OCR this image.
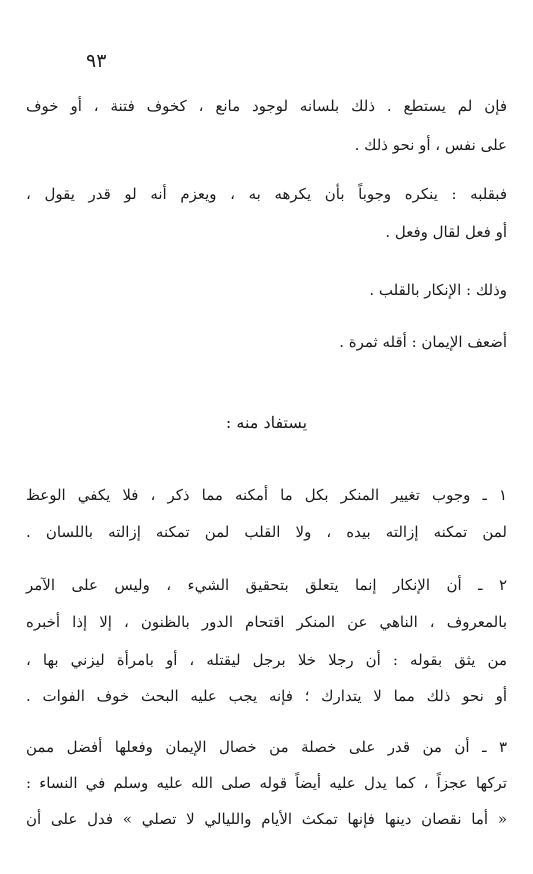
٩٣
فإن لم يستطع . ذلك بلسانه لوجود مانع ، كخوف فتنة ، أو خوف
على نفس ، أو نحو ذلك .
فبقلبه : ينكره وجوباً بأن يكرهه به ، ويعزم أنه لو قدر يقول ،
أو فعل لقال وفعل .
وذلك : الإنكار بالقلب .
أضعف الإيمان : أقله ثمرة .
يستفاد منه :
١ ـ وجوب تغيير المنكر بكل ما أمكنه مما ذكر ، فلا يكفي الوعظ
لمن تمكنه إزالته بيده ، ولا القلب لمن تمكنه إزالته باللسان .
٢ ـ أن الإنكار إنما يتعلق بتحقيق الشيء ، وليس على الآمر
بالمعروف ، الناهي عن المنكر اقتحام الدور بالظنون ، إلا إذا أخبره
من يثق بقوله : أن رجلا خلا برجل ليقتله ، أو بامرأة ليزني بها ،
أو نحو ذلك مما لا يتدارك ؛ فإنه يجب عليه البحث خوف الفوات .
٣ ـ أن من قدر على خصلة من خصال الإيمان وفعلها أفضل ممن
تركها عجزاً ، كما يدل عليه أيضاً قوله صلى الله عليه وسلم في النساء :
« أما نقصان دينها فإنها تمكث الأيام والليالي لا تصلي » فدل على أن
